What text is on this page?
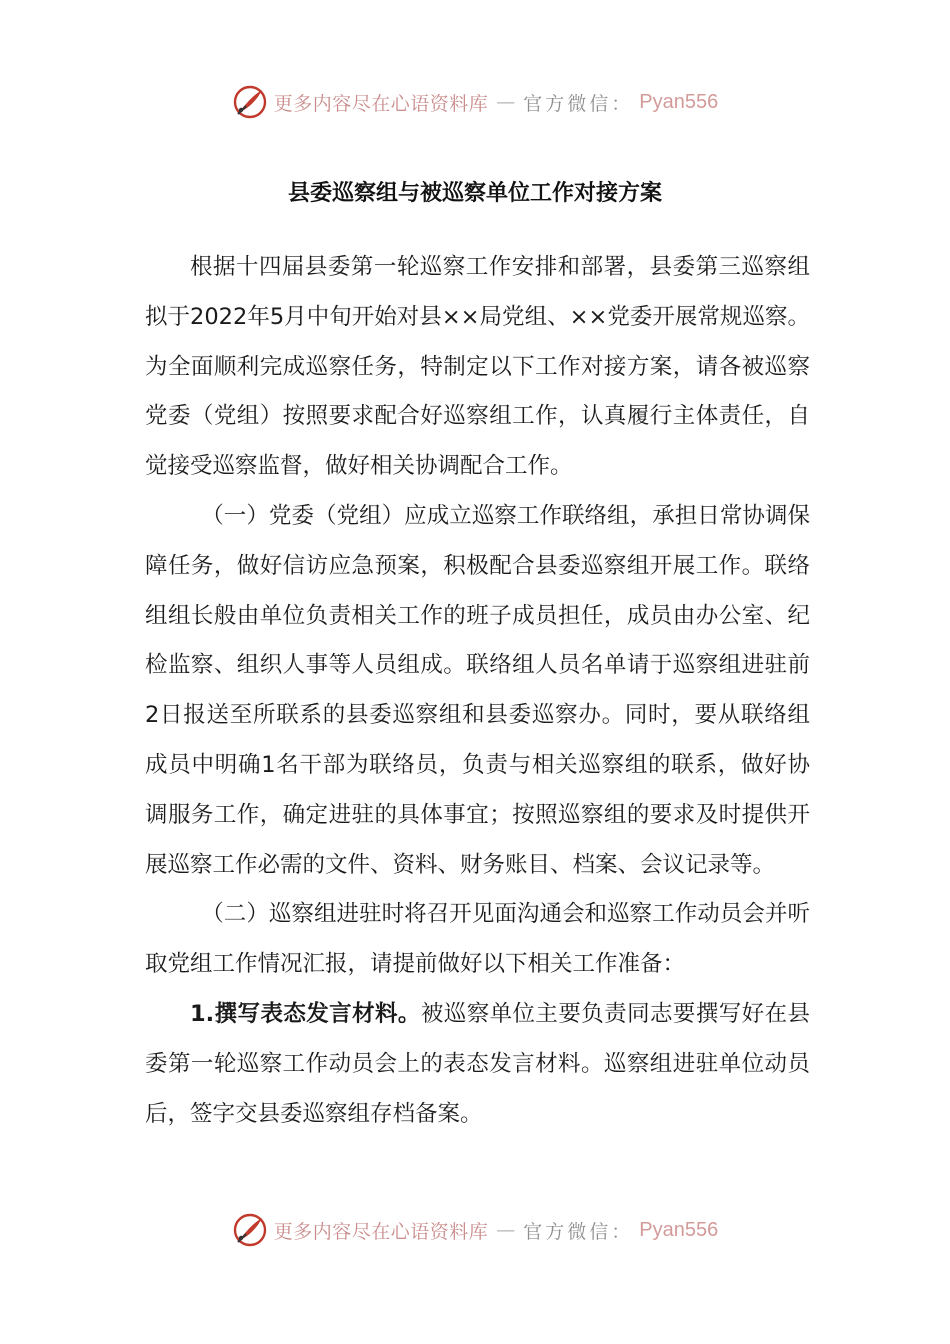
更多内容尽在心语资料库 — 官方微信： Pyan556
县委巡察组与被巡察单位工作对接方案

根据十四届县委第一轮巡察工作安排和部署，县委第三巡察组拟于2022年5月中旬开始对县××局党组、××党委开展常规巡察。为全面顺利完成巡察任务，特制定以下工作对接方案，请各被巡察党委（党组）按照要求配合好巡察组工作，认真履行主体责任，自觉接受巡察监督，做好相关协调配合工作。

（一）党委（党组）应成立巡察工作联络组，承担日常协调保障任务，做好信访应急预案，积极配合县委巡察组开展工作。联络组组长般由单位负责相关工作的班子成员担任，成员由办公室、纪检监察、组织人事等人员组成。联络组人员名单请于巡察组进驻前2日报送至所联系的县委巡察组和县委巡察办。同时，要从联络组成员中明确1名干部为联络员，负责与相关巡察组的联系，做好协调服务工作，确定进驻的具体事宜；按照巡察组的要求及时提供开展巡察工作必需的文件、资料、财务账目、档案、会议记录等。

（二）巡察组进驻时将召开见面沟通会和巡察工作动员会并听取党组工作情况汇报，请提前做好以下相关工作准备：

1.撰写表态发言材料。被巡察单位主要负责同志要撰写好在县委第一轮巡察工作动员会上的表态发言材料。巡察组进驻单位动员后，签字交县委巡察组存档备案。

更多内容尽在心语资料库 — 官方微信： Pyan556
